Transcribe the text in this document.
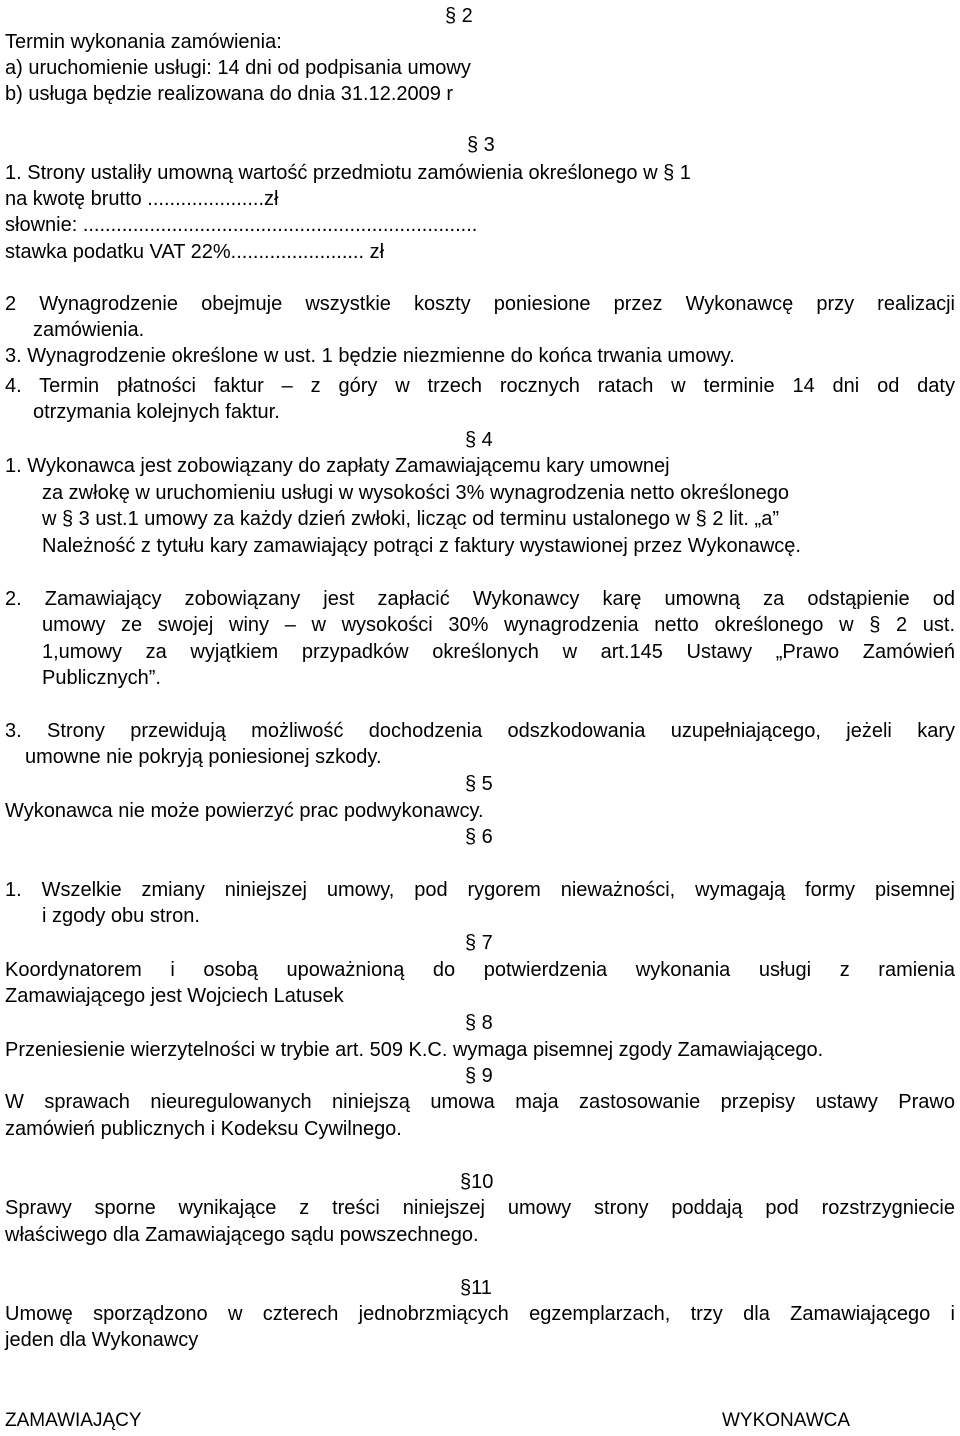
§ 2
Termin wykonania zamówienia:
a) uruchomienie usługi: 14 dni od podpisania umowy
b) usługa będzie realizowana do dnia 31.12.2009 r
§ 3
1. Strony ustaliły umowną wartość przedmiotu zamówienia określonego w § 1
na kwotę brutto .....................zł
słownie: .......................................................................
stawka podatku VAT 22%........................ zł
2 Wynagrodzenie obejmuje wszystkie koszty poniesione przez Wykonawcę przy realizacji
zamówienia.
3. Wynagrodzenie określone w ust. 1 będzie niezmienne do końca trwania umowy.
4. Termin płatności faktur – z góry w trzech rocznych ratach w terminie 14 dni od daty
otrzymania kolejnych faktur.
§ 4
1. Wykonawca jest zobowiązany do zapłaty Zamawiającemu kary umownej
za zwłokę w uruchomieniu usługi w wysokości 3% wynagrodzenia netto określonego
w § 3 ust.1 umowy za każdy dzień zwłoki, licząc od terminu ustalonego w § 2 lit. „a”
Należność z tytułu kary zamawiający potrąci z faktury wystawionej przez Wykonawcę.
2. Zamawiający zobowiązany jest zapłacić Wykonawcy karę umowną za odstąpienie od
umowy ze swojej winy – w wysokości 30% wynagrodzenia netto określonego w § 2 ust.
1,umowy za wyjątkiem przypadków określonych w art.145 Ustawy „Prawo Zamówień
Publicznych”.
3. Strony przewidują możliwość dochodzenia odszkodowania uzupełniającego, jeżeli kary
umowne nie pokryją poniesionej szkody.
§ 5
Wykonawca nie może powierzyć prac podwykonawcy.
§ 6
1. Wszelkie zmiany niniejszej umowy, pod rygorem nieważności, wymagają formy pisemnej
i zgody obu stron.
§ 7
Koordynatorem i osobą upoważnioną do potwierdzenia wykonania usługi z ramienia
Zamawiającego jest Wojciech Latusek
§ 8
Przeniesienie wierzytelności w trybie art. 509 K.C. wymaga pisemnej zgody Zamawiającego.
§ 9
W sprawach nieuregulowanych niniejszą umowa maja zastosowanie przepisy ustawy Prawo
zamówień publicznych i Kodeksu Cywilnego.
§10
Sprawy sporne wynikające z treści niniejszej umowy strony poddają pod rozstrzygniecie
właściwego dla Zamawiającego sądu powszechnego.
§11
Umowę sporządzono w czterech jednobrzmiących egzemplarzach, trzy dla Zamawiającego i
jeden dla Wykonawcy
ZAMAWIAJĄCY	WYKONAWCA
